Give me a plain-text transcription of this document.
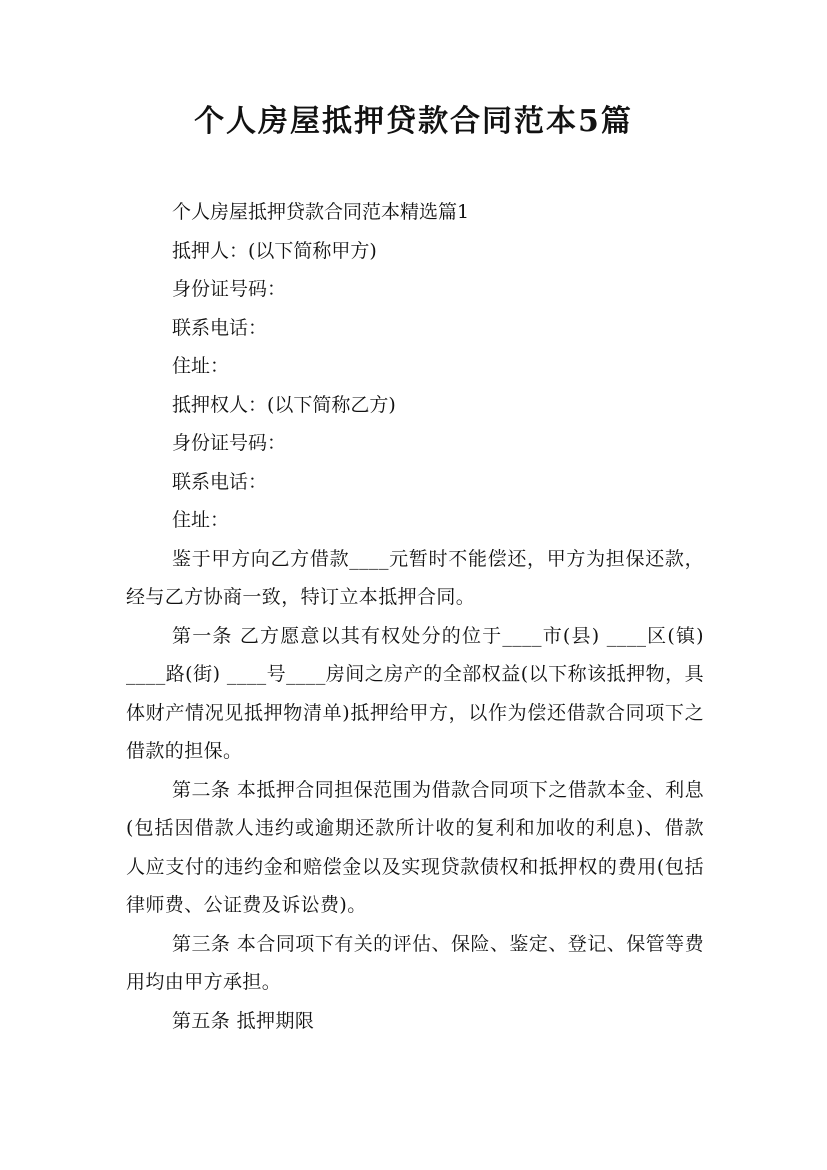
个人房屋抵押贷款合同范本5篇

个人房屋抵押贷款合同范本精选篇1

抵押人：(以下简称甲方)

身份证号码：

联系电话：

住址：

抵押权人：(以下简称乙方)

身份证号码：

联系电话：

住址：

鉴于甲方向乙方借款____元暂时不能偿还，甲方为担保还款，经与乙方协商一致，特订立本抵押合同。

第一条 乙方愿意以其有权处分的位于____市(县) ____区(镇) ____路(街) ____号____房间之房产的全部权益(以下称该抵押物，具体财产情况见抵押物清单)抵押给甲方，以作为偿还借款合同项下之借款的担保。

第二条 本抵押合同担保范围为借款合同项下之借款本金、利息(包括因借款人违约或逾期还款所计收的复利和加收的利息)、借款人应支付的违约金和赔偿金以及实现贷款债权和抵押权的费用(包括律师费、公证费及诉讼费)。

第三条 本合同项下有关的评估、保险、鉴定、登记、保管等费用均由甲方承担。

第五条 抵押期限
